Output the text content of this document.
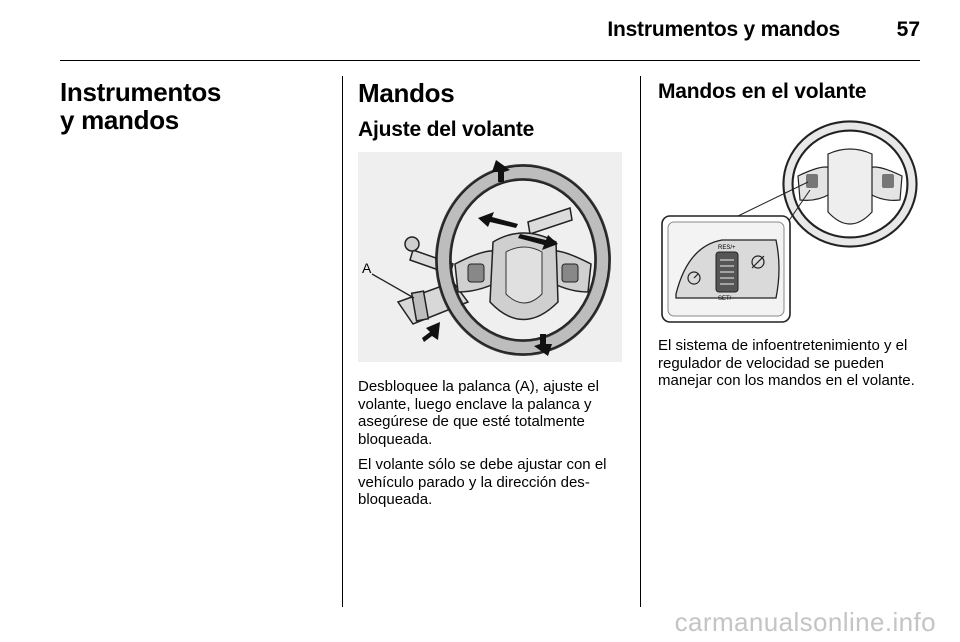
Instrumentos y mandos	57
Instrumentos
y mandos
Mandos
Ajuste del volante
A

Desbloquee la palanca (A), ajuste el volante, luego enclave la palanca y asegúrese de que esté totalmente bloqueada.

El volante sólo se debe ajustar con el vehículo parado y la dirección desbloqueada.

Mandos en el volante
RES/+
SET/−

El sistema de infoentretenimiento y el regulador de velocidad se pueden manejar con los mandos en el volante.

carmanualsonline.info
